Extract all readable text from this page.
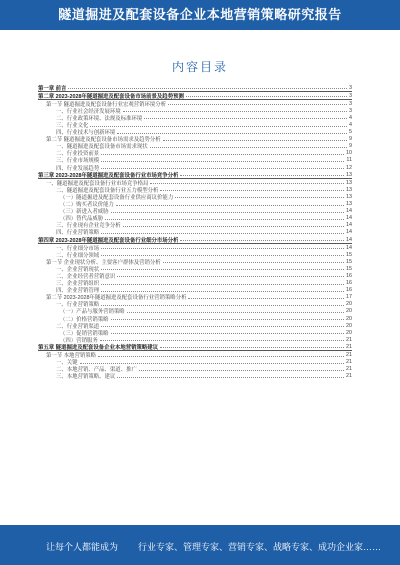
隧道掘进及配套设备企业本地营销策略研究报告
内容目录
第一章 前言	3
第二章 2023-2028年隧道掘进及配套设备市场前景及趋势预测	3
第一节 隧道掘进及配套设备行业宏观营销环境分析	3
一、行业社会经济发展环境	3
二、行业政策环境、法规及标准环境	4
三、行业文化	4
四、行业技术与创新环境	5
第二节 隧道掘进及配套设备市场需求及趋势分析	9
一、隧道掘进及配套设备市场需求现状	9
二、行业投资前景	10
三、行业市场规模	11
四、行业发展趋势	12
第三章 2023-2028年隧道掘进及配套设备行业市场竞争分析	13
一、隧道掘进及配套设备行业市场竞争格局	13
二、隧道掘进及配套设备行业五力模型分析	13
（一）隧道掘进及配套设备行业供应商议价能力	13
（二）购买者议价能力	13
（三）新进入者威胁	14
（四）替代品威胁	14
三、行业现有企业竞争分析	14
四、行业营销策略	14
第四章 2023-2028年隧道掘进及配套设备行业细分市场分析	14
一、行业细分市场	14
二、行业细分领域	15
第一节 企业现状分析、主要客户群体及营销分析	15
一、企业营销现状	15
二、企业经营者营销意识	16
三、企业营销组织	16
四、企业营销管理	16
第二节 2023-2028年隧道掘进及配套设备行业营销策略分析	17
一、行业营销策略	20
（一）产品与服务营销策略	20
（二）价格营销策略	20
二、行业营销渠道	20
（三）促销营销策略	20
（四）营销服务	21
第五章 隧道掘进及配套设备企业本地营销策略建议	21
第一节 本地营销策略	21
一、关键	21
二、本地营销、产品、渠道、推广	21
三、本地营销策略、建议	21
让每个人都能成为 行业专家、管理专家、营销专家、战略专家、成功企业家……
